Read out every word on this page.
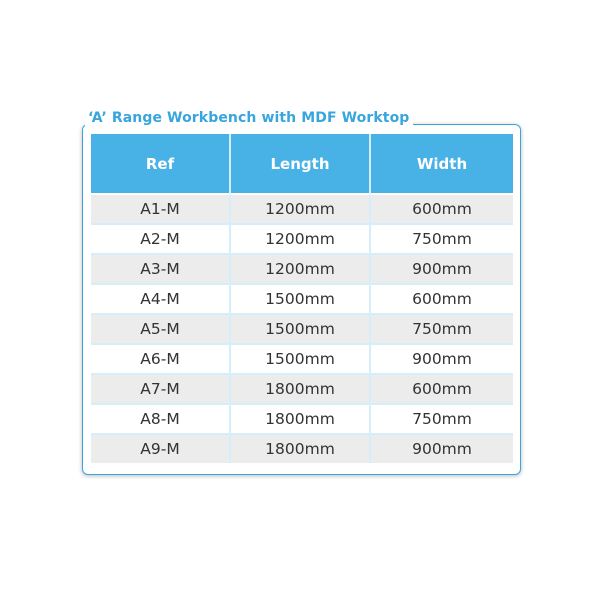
‘A’ Range Workbench with MDF Worktop
Ref	Length	Width
A1-M	1200mm	600mm
A2-M	1200mm	750mm
A3-M	1200mm	900mm
A4-M	1500mm	600mm
A5-M	1500mm	750mm
A6-M	1500mm	900mm
A7-M	1800mm	600mm
A8-M	1800mm	750mm
A9-M	1800mm	900mm
